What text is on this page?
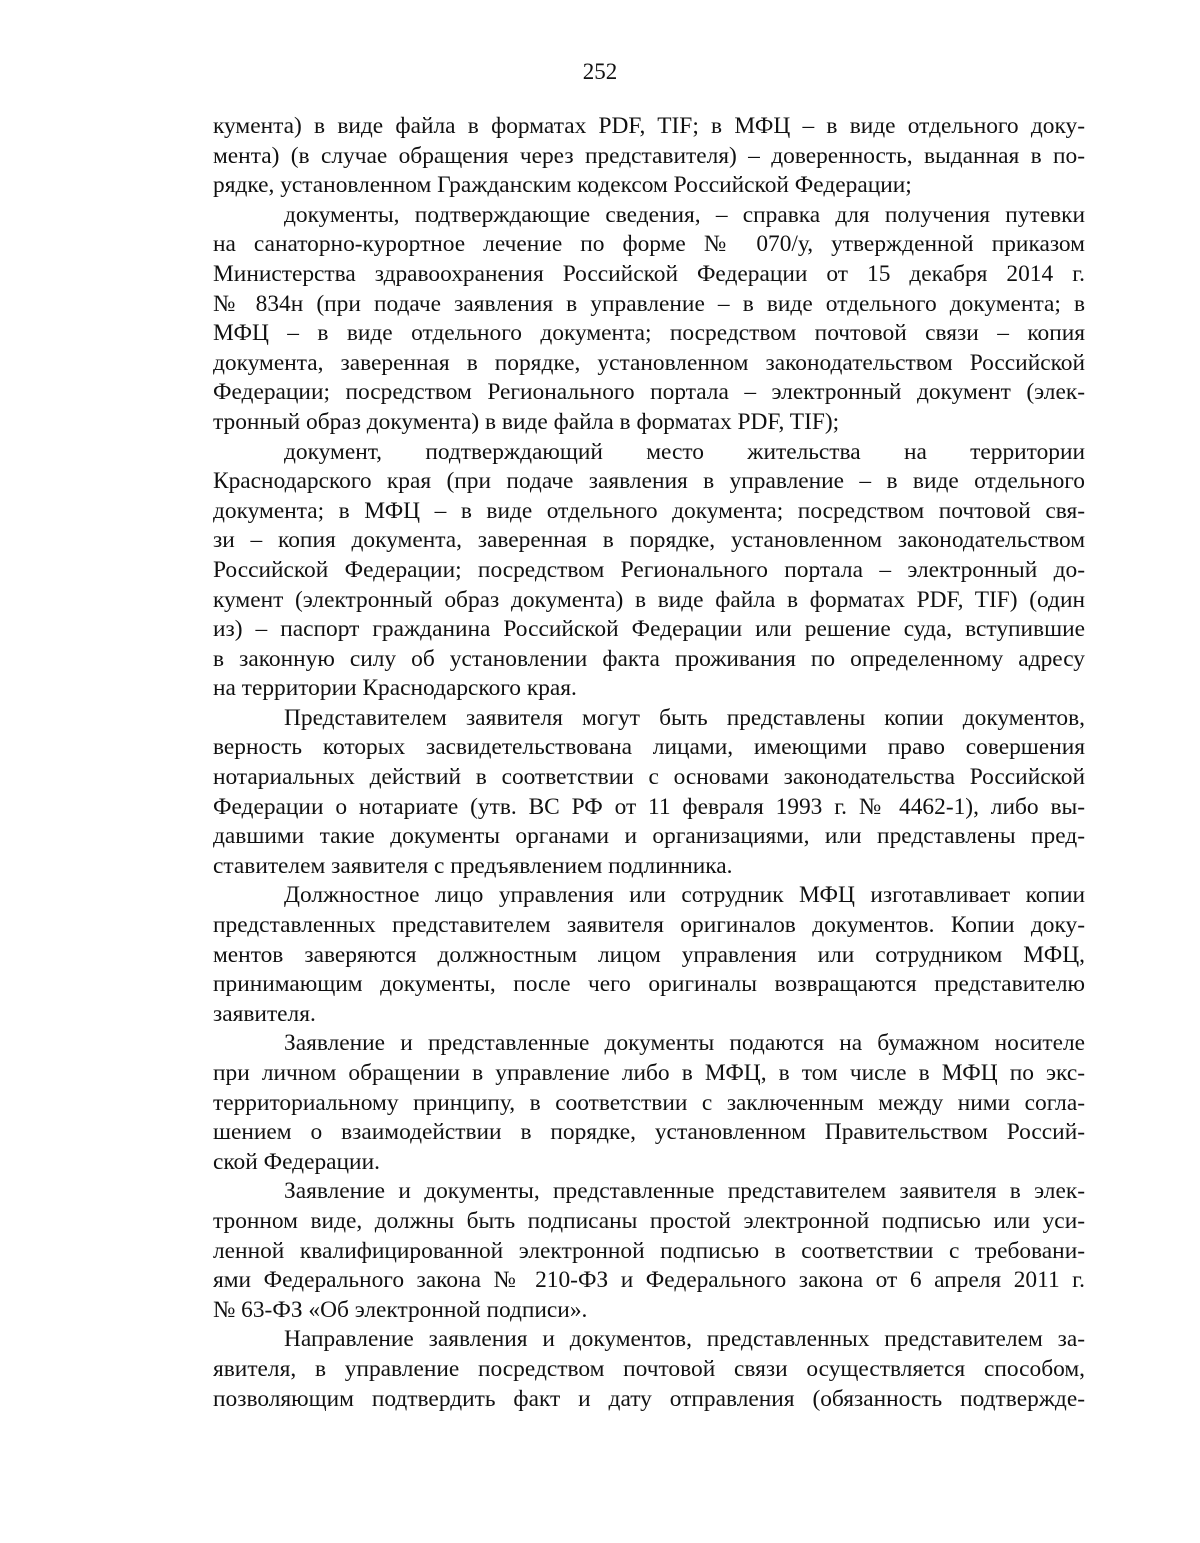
252
кумента) в виде файла в форматах PDF, TIF; в МФЦ – в виде отдельного доку-
мента) (в случае обращения через представителя) – доверенность, выданная в по-
рядке, установленном Гражданским кодексом Российской Федерации;
документы, подтверждающие сведения, – справка для получения путевки
на санаторно-курортное лечение по форме № 070/у, утвержденной приказом
Министерства здравоохранения Российской Федерации от 15 декабря 2014 г.
№ 834н (при подаче заявления в управление – в виде отдельного документа; в
МФЦ – в виде отдельного документа; посредством почтовой связи – копия
документа, заверенная в порядке, установленном законодательством Российской
Федерации; посредством Регионального портала – электронный документ (элек-
тронный образ документа) в виде файла в форматах PDF, TIF);
документ, подтверждающий место жительства на территории
Краснодарского края (при подаче заявления в управление – в виде отдельного
документа; в МФЦ – в виде отдельного документа; посредством почтовой свя-
зи – копия документа, заверенная в порядке, установленном законодательством
Российской Федерации; посредством Регионального портала – электронный до-
кумент (электронный образ документа) в виде файла в форматах PDF, TIF) (один
из) – паспорт гражданина Российской Федерации или решение суда, вступившие
в законную силу об установлении факта проживания по определенному адресу
на территории Краснодарского края.
Представителем заявителя могут быть представлены копии документов,
верность которых засвидетельствована лицами, имеющими право совершения
нотариальных действий в соответствии с основами законодательства Российской
Федерации о нотариате (утв. ВС РФ от 11 февраля 1993 г. № 4462-1), либо вы-
давшими такие документы органами и организациями, или представлены пред-
ставителем заявителя с предъявлением подлинника.
Должностное лицо управления или сотрудник МФЦ изготавливает копии
представленных представителем заявителя оригиналов документов. Копии доку-
ментов заверяются должностным лицом управления или сотрудником МФЦ,
принимающим документы, после чего оригиналы возвращаются представителю
заявителя.
Заявление и представленные документы подаются на бумажном носителе
при личном обращении в управление либо в МФЦ, в том числе в МФЦ по экс-
территориальному принципу, в соответствии с заключенным между ними согла-
шением о взаимодействии в порядке, установленном Правительством Россий-
ской Федерации.
Заявление и документы, представленные представителем заявителя в элек-
тронном виде, должны быть подписаны простой электронной подписью или уси-
ленной квалифицированной электронной подписью в соответствии с требовани-
ями Федерального закона № 210-ФЗ и Федерального закона от 6 апреля 2011 г.
№ 63-ФЗ «Об электронной подписи».
Направление заявления и документов, представленных представителем за-
явителя, в управление посредством почтовой связи осуществляется способом,
позволяющим подтвердить факт и дату отправления (обязанность подтвержде-
